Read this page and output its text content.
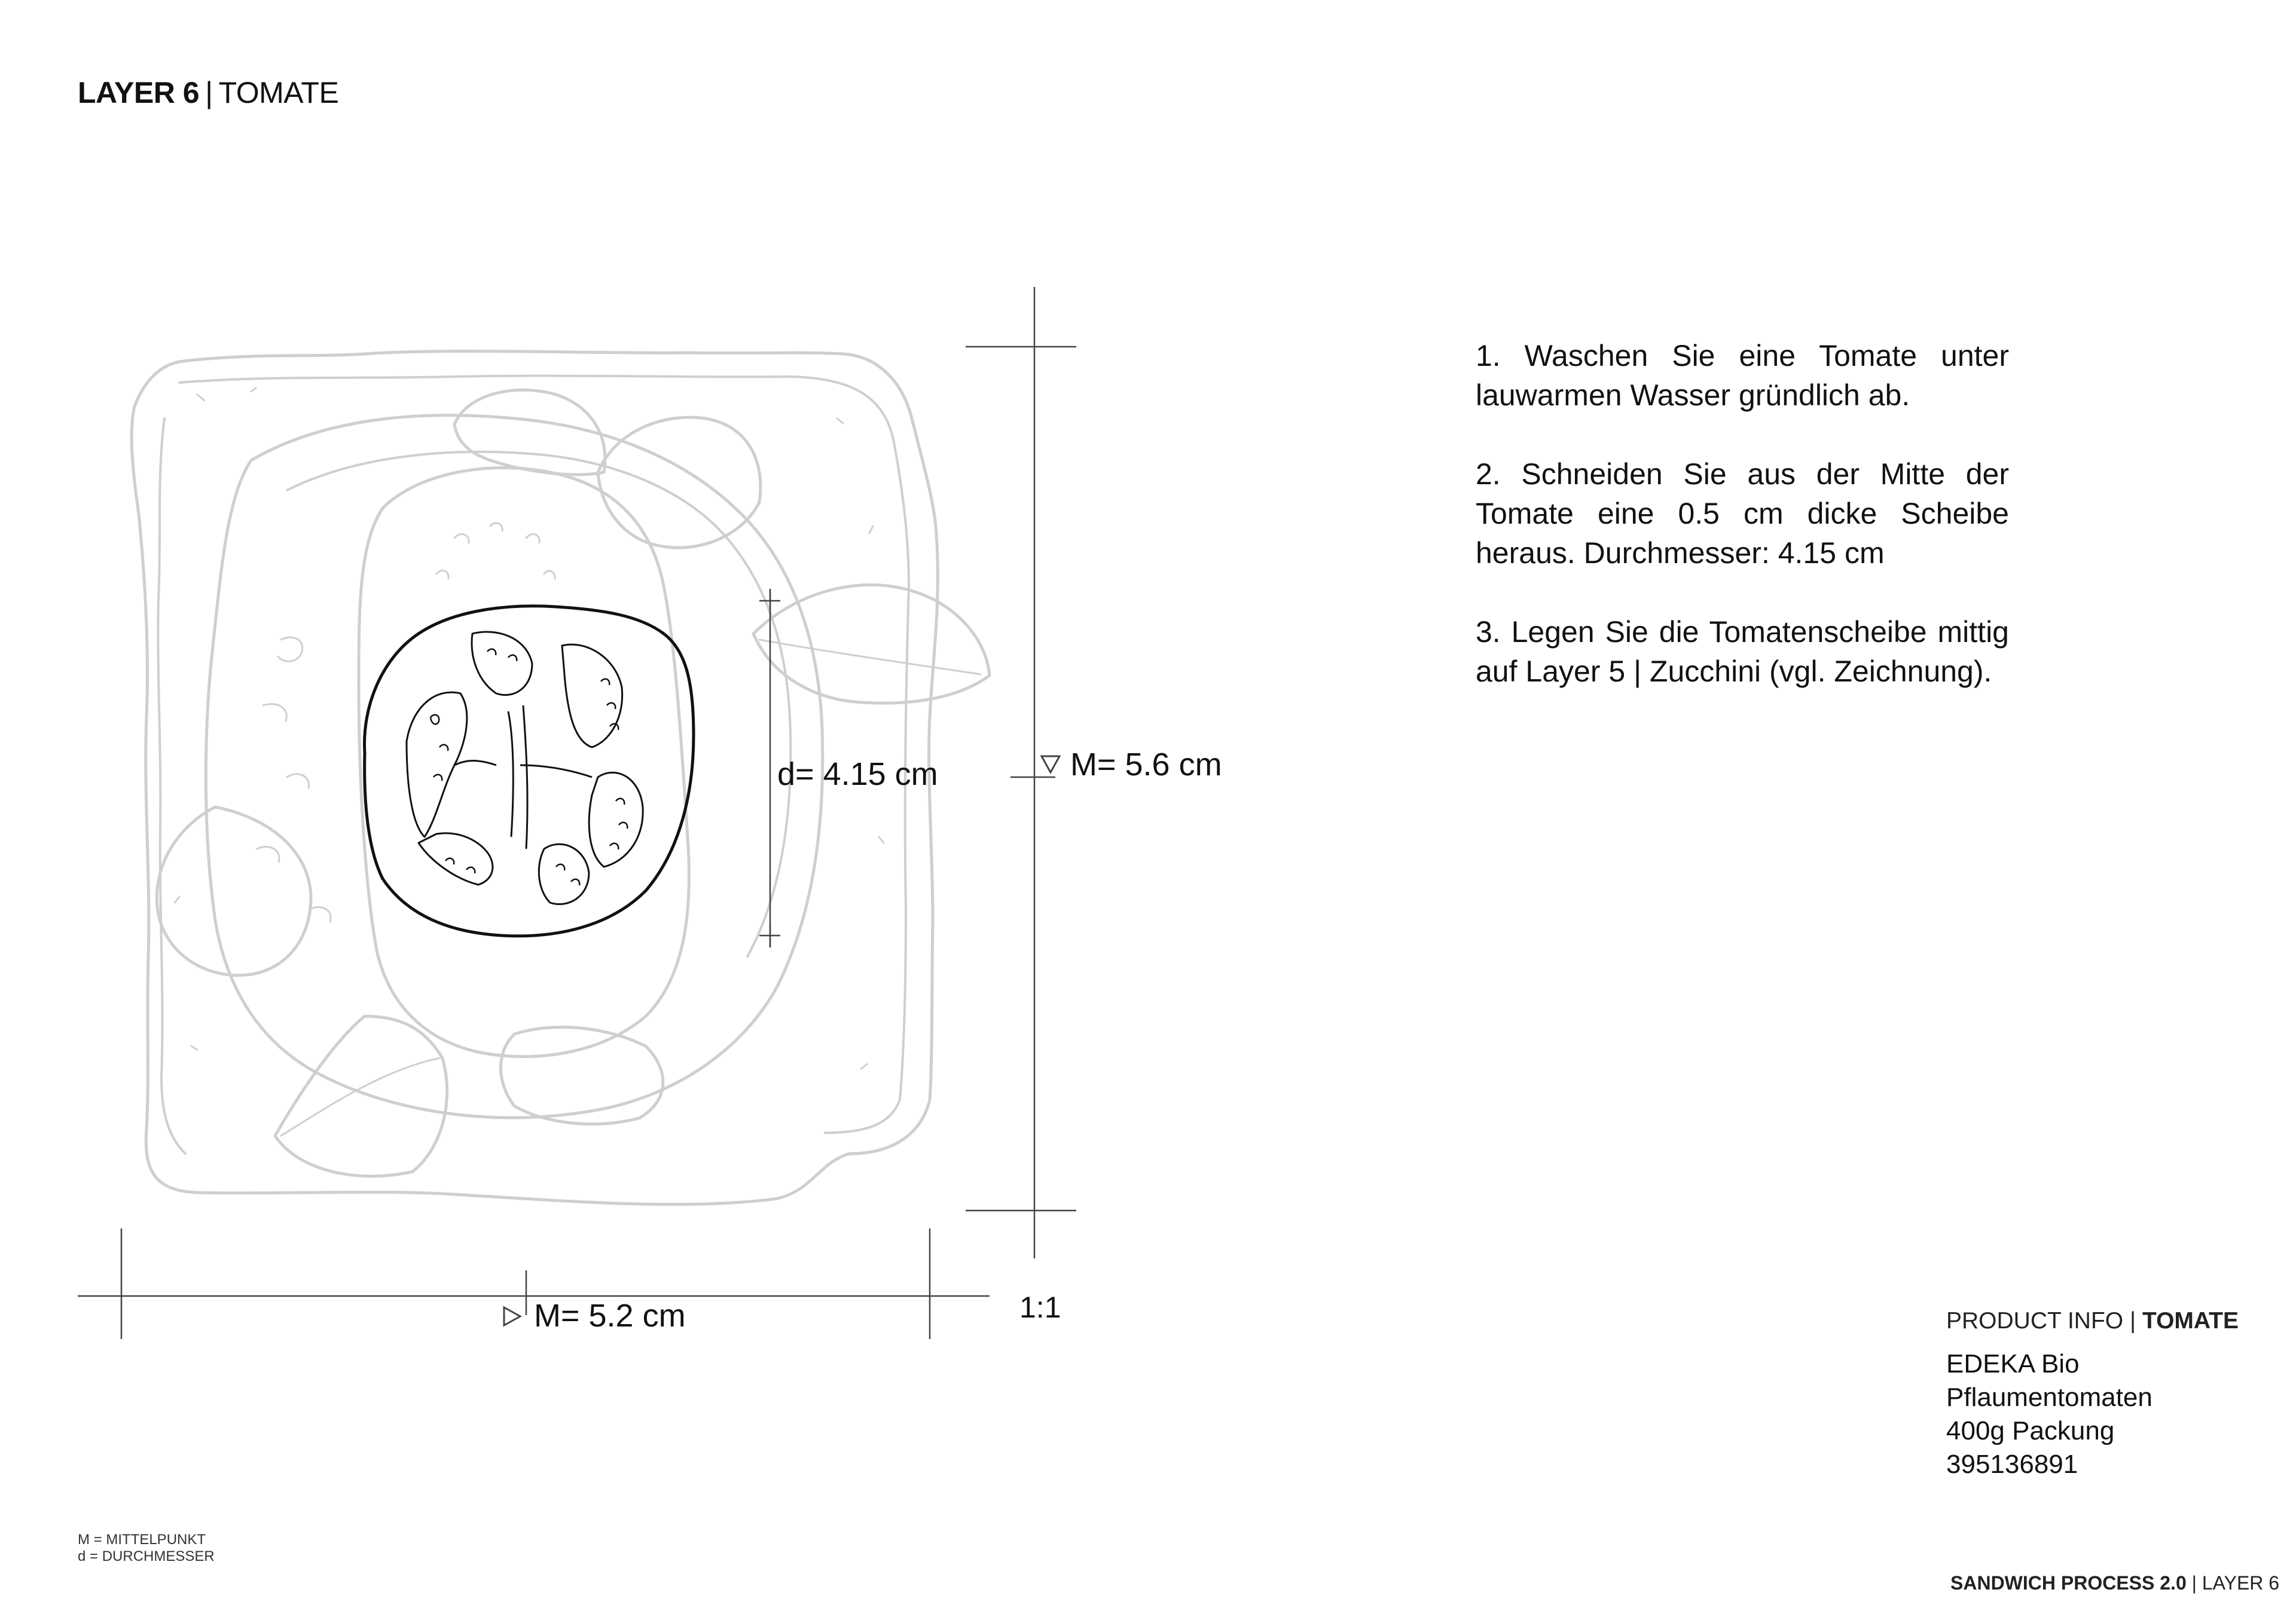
LAYER 6 | TOMATE
d= 4.15 cm	M= 5.6 cm
M= 5.2 cm	1:1

1. Waschen Sie eine Tomate unter lauwarmen Wasser gründlich ab.

2. Schneiden Sie aus der Mitte der Tomate eine 0.5 cm dicke Scheibe heraus. Durchmesser: 4.15 cm

3. Legen Sie die Tomatenscheibe mittig auf Layer 5 | Zucchini (vgl. Zeichnung).

PRODUCT INFO | TOMATE
EDEKA Bio
Pflaumentomaten
400g Packung
395136891
M = MITTELPUNKT
d = DURCHMESSER
SANDWICH PROCESS 2.0 | LAYER 6
